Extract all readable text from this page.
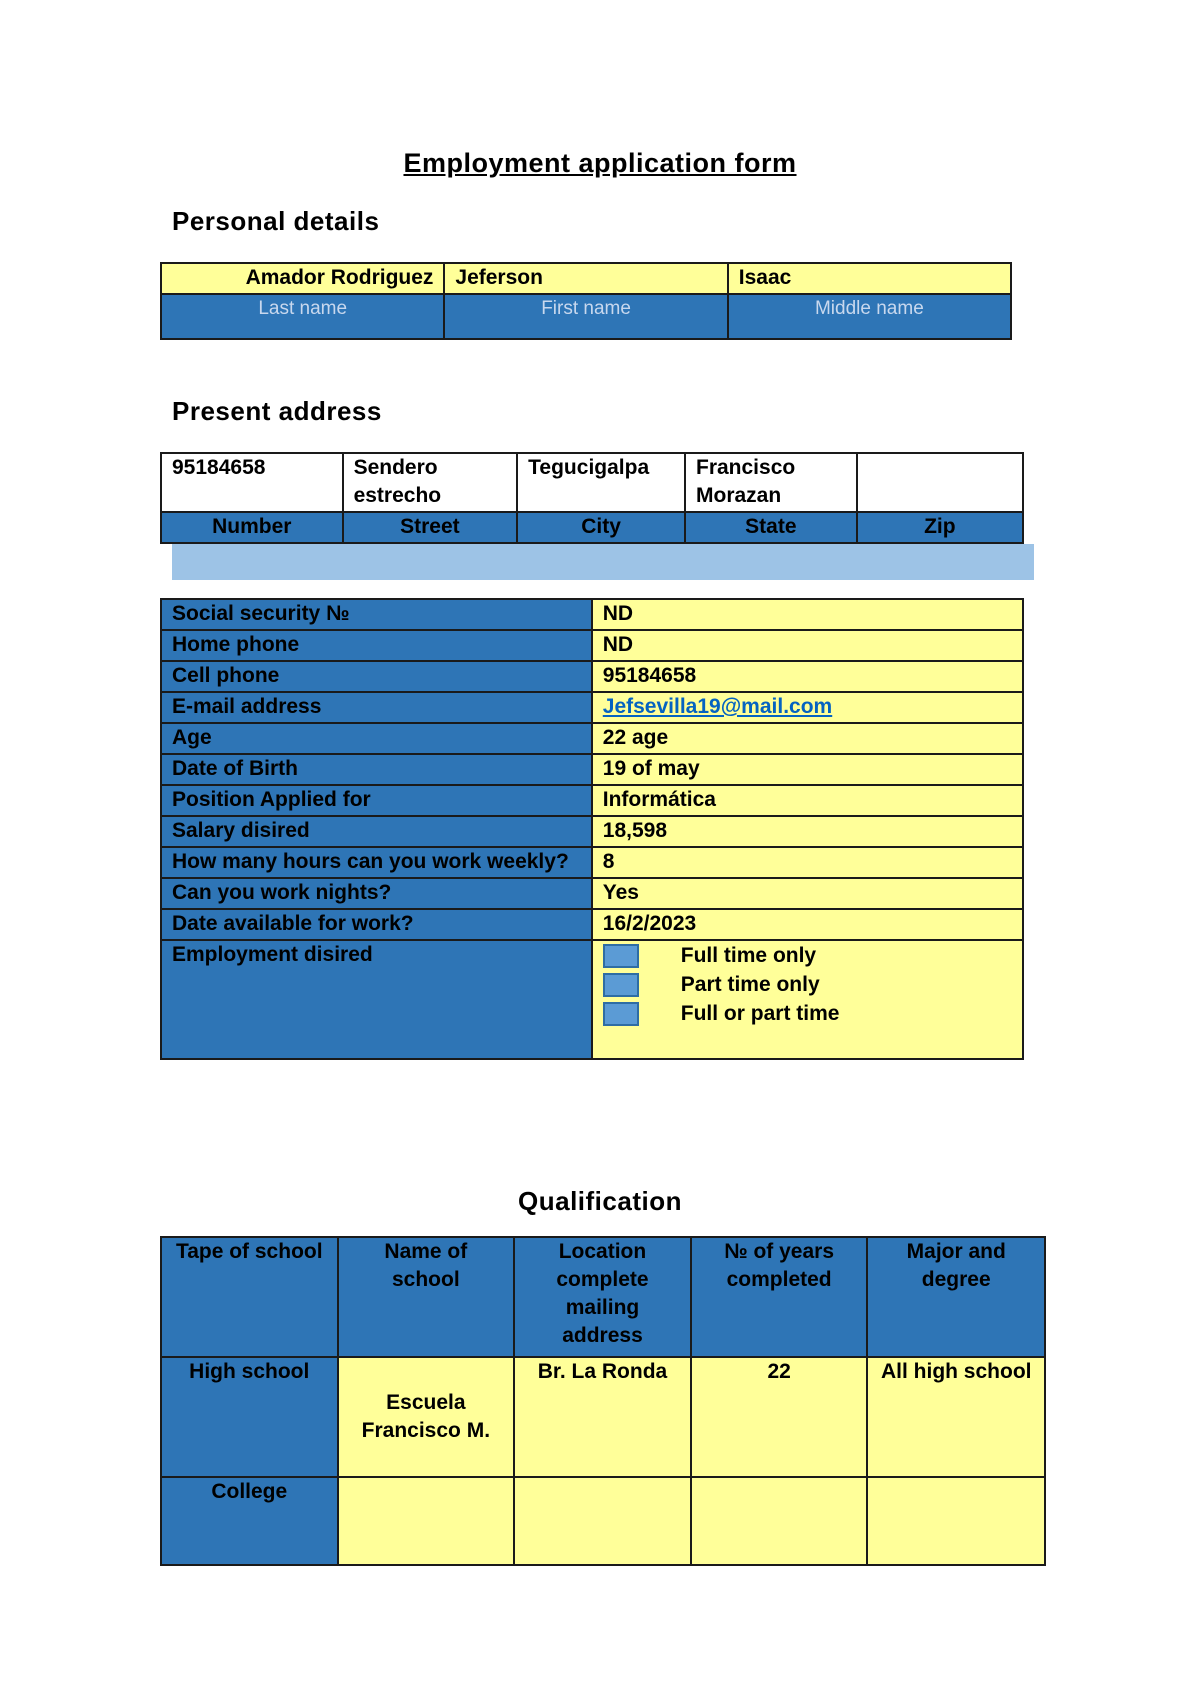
Employment application form
Personal details
Amador Rodriguez	Jeferson	Isaac
Last name	First name	Middle name
Present address
95184658	Sendero estrecho	Tegucigalpa	Francisco Morazan	
Number	Street	City	State	Zip
Social security №	ND
Home phone	ND
Cell phone	95184658
E-mail address	Jefsevilla19@mail.com
Age	22 age
Date of Birth	19 of may
Position Applied for	Informática
Salary disired	18,598
How many hours can you work weekly?	8
Can you work nights?	Yes
Date available for work?	16/2/2023
Employment disired	Full time only
Part time only
Full or part time
Qualification
Tape of school	Name of school	Location complete mailing address	№ of years completed	Major and degree
High school	Escuela Francisco M.	Br. La Ronda	22	All high school
College				
